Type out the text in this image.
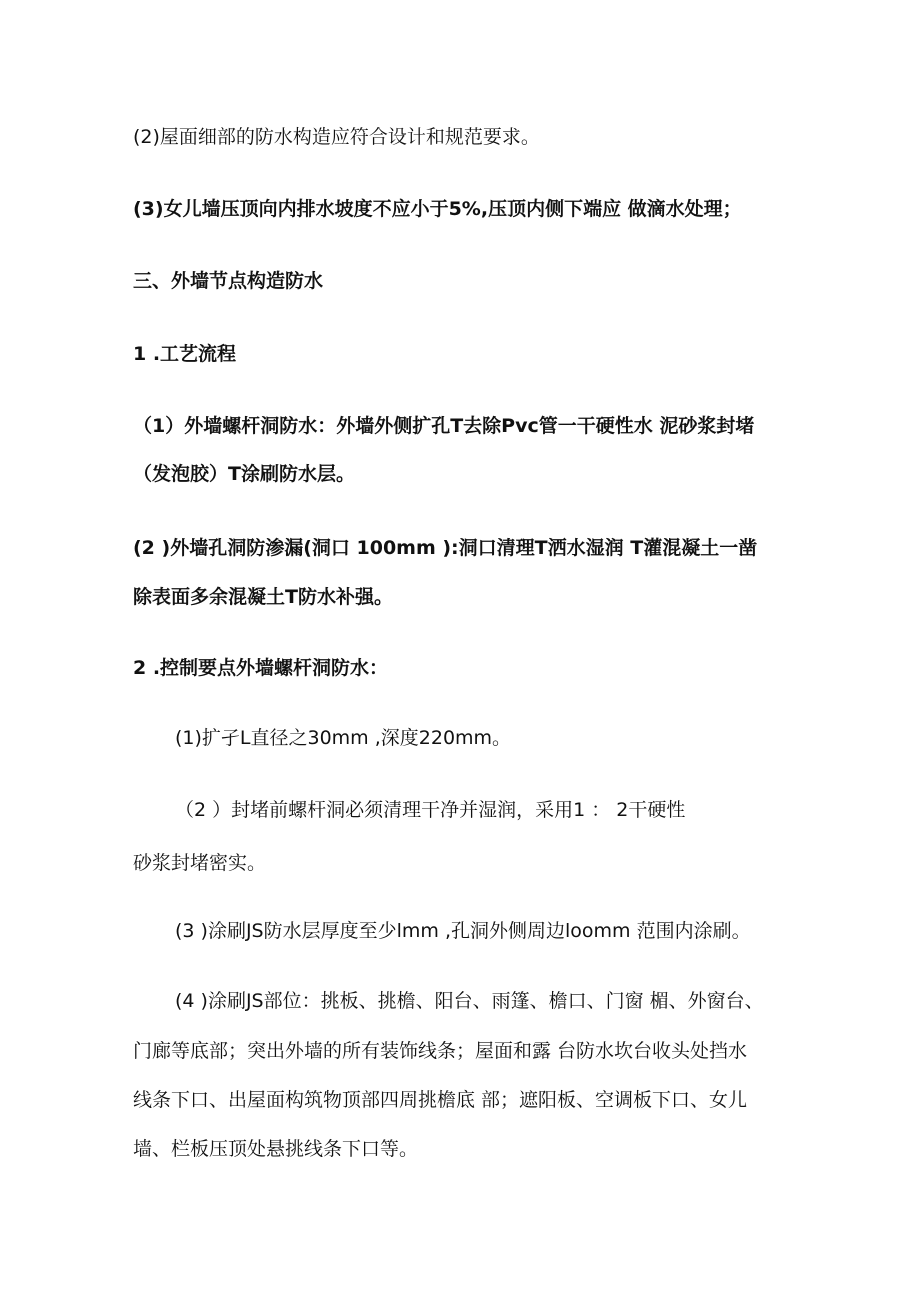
(2)屋面细部的防水构造应符合设计和规范要求。
(3)女儿墙压顶向内排水坡度不应小于5%,压顶内侧下端应 做滴水处理；
三、外墙节点构造防水
1 .工艺流程
（1）外墙螺杆洞防水：外墙外侧扩孔T去除Pvc管一干硬性水 泥砂浆封堵
（发泡胶）T涂刷防水层。
(2 )外墙孔洞防渗漏(洞口 100mm ):洞口清理T洒水湿润 T灌混凝土一凿
除表面多余混凝土T防水补强。
2 .控制要点外墙螺杆洞防水：
(1)扩孑L直径之30mm ,深度220mm。
（2 ）封堵前螺杆洞必须清理干净并湿润，采用1 ： 2干硬性
砂浆封堵密实。
(3 )涂刷JS防水层厚度至少lmm ,孔洞外侧周边loomm 范围内涂刷。
(4 )涂刷JS部位：挑板、挑檐、阳台、雨篷、檐口、门窗 楣、外窗台、
门廊等底部；突出外墙的所有装饰线条；屋面和露 台防水坎台收头处挡水
线条下口、出屋面构筑物顶部四周挑檐底 部；遮阳板、空调板下口、女儿
墙、栏板压顶处悬挑线条下口等。
